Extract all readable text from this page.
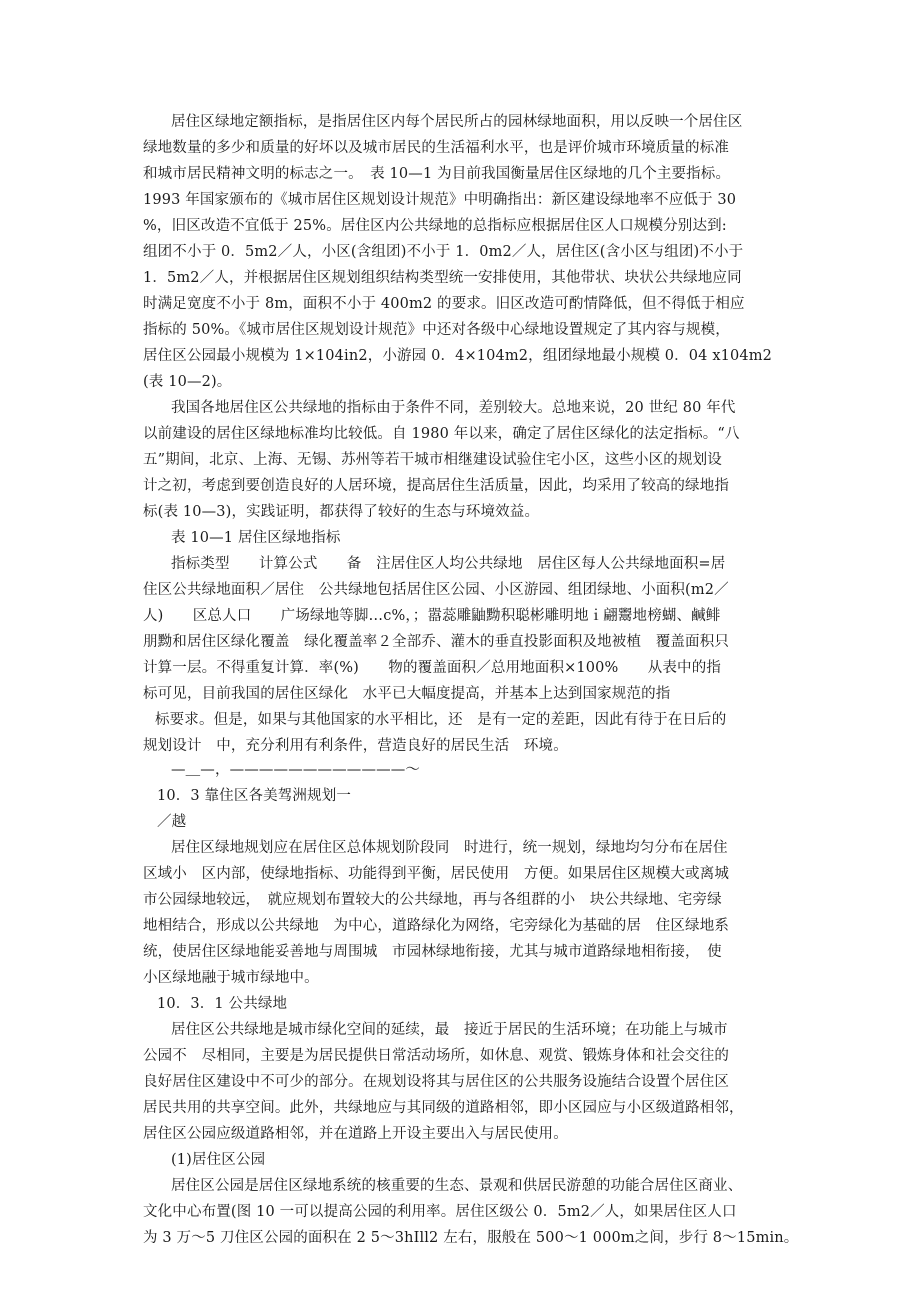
居住区绿地定额指标，是指居住区内每个居民所占的园林绿地面积，用以反映一个居住区
绿地数量的多少和质量的好坏以及城市居民的生活福利水平，也是评价城市环境质量的标准
和城市居民精神文明的标志之一。　表 10—1 为目前我国衡量居住区绿地的几个主要指标。
1993 年国家颁布的《城市居住区规划设计规范》中明确指出：新区建设绿地率不应低于 30
%，旧区改造不宜低于 25%。居住区内公共绿地的总指标应根据居住区人口规模分别达到:
组团不小于 0．5m2／人，小区(含组团)不小于 1．0m2／人，居住区(含小区与组团)不小于
1．5m2／人，并根据居住区规划组织结构类型统一安排使用，其他带状、块状公共绿地应同
时满足宽度不小于 8m，面积不小于 400m2 的要求。旧区改造可酌情降低，但不得低于相应
指标的 50%。《城市居住区规划设计规范》中还对各级中心绿地设置规定了其内容与规模，
居住区公园最小规模为 1×104in2，小游园 0．4×104m2，组团绿地最小规模 0．04 x104m2
(表 10—2)。
我国各地居住区公共绿地的指标由于条件不同，差别较大。总地来说，20 世纪 80 年代
以前建设的居住区绿地标准均比较低。自 1980 年以来，确定了居住区绿化的法定指标。“八
五”期间，北京、上海、无锡、苏州等若干城市相继建设试验住宅小区，这些小区的规划设
计之初，考虑到要创造良好的人居环境，提高居住生活质量，因此，均采用了较高的绿地指
标(表 10—3)，实践证明，都获得了较好的生态与环境效益。
表 10—1 居住区绿地指标
指标类型　　计算公式　　备　注居住区人均公共绿地　居住区每人公共绿地面积=居
住区公共绿地面积／居住　公共绿地包括居住区公园、小区游园、组团绿地、小面积(m2／
人)　　区总人口　　广场绿地等脚…c%，；嚣蕊雕鼬黝积聪彬雕明地ｉ翩鬻地榜蝴、鹹鲱
朋黝和居住区绿化覆盖　绿化覆盖率２全部乔、灌木的垂直投影面积及地被植　覆盖面积只
计算一层。不得重复计算．率(%)　　物的覆盖面积／总用地面积×100%　　从表中的指
标可见，目前我国的居住区绿化　水平已大幅度提高，并基本上达到国家规范的指
标要求。但是，如果与其他国家的水平相比，还　是有一定的差距，因此有待于在日后的
规划设计　中，充分利用有利条件，营造良好的居民生活　环境。
—＿—，————————————～
10．3 靠住区各美驾洲规划一
／越
居住区绿地规划应在居住区总体规划阶段同　时进行，统一规划，绿地均匀分布在居住
区域小　区内部，使绿地指标、功能得到平衡，居民使用　方便。如果居住区规模大或离城
市公园绿地较远，　就应规划布置较大的公共绿地，再与各组群的小　块公共绿地、宅旁绿
地相结合，形成以公共绿地　为中心，道路绿化为网络，宅旁绿化为基础的居　住区绿地系
统，使居住区绿地能妥善地与周围城　市园林绿地衔接，尤其与城市道路绿地相衔接，　使
小区绿地融于城市绿地中。
10．3．1 公共绿地
居住区公共绿地是城市绿化空间的延续，最　接近于居民的生活环境；在功能上与城市
公园不　尽相同，主要是为居民提供日常活动场所，如休息、观赏、锻炼身体和社会交往的
良好居住区建设中不可少的部分。在规划设将其与居住区的公共服务设施结合设置个居住区
居民共用的共享空间。此外，共绿地应与其同级的道路相邻，即小区园应与小区级道路相邻，
居住区公园应级道路相邻，并在道路上开设主要出入与居民使用。
(1)居住区公园
居住区公园是居住区绿地系统的核重要的生态、景观和供居民游憩的功能合居住区商业、
文化中心布置(图 10 一可以提高公园的利用率。居住区级公 0．5m2／人，如果居住区人口
为 3 万～5 刀住区公园的面积在 2 5～3hIll2 左右，服般在 500～1 000m之间，步行 8～15min。
